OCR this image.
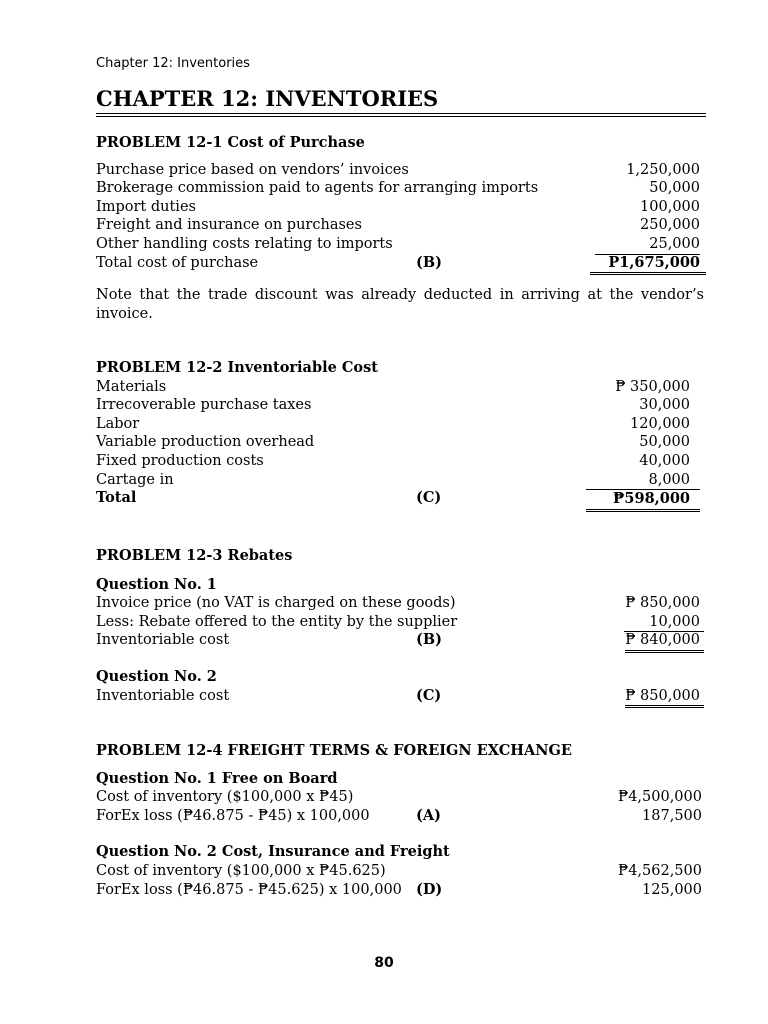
Chapter 12: Inventories
CHAPTER 12: INVENTORIES
PROBLEM 12-1 Cost of Purchase
Purchase price based on vendors’ invoices	1,250,000
Brokerage commission paid to agents for arranging imports	50,000
Import duties	100,000
Freight and insurance on purchases	250,000
Other handling costs relating to imports	25,000
Total cost of purchase	(B)	P1,675,000

Note that the trade discount was already deducted in arriving at the vendor’s invoice.

PROBLEM 12-2 Inventoriable Cost
Materials	₱ 350,000
Irrecoverable purchase taxes	30,000
Labor	120,000
Variable production overhead	50,000
Fixed production costs	40,000
Cartage in	8,000
Total	(C)	₱598,000
PROBLEM 12-3 Rebates
Question No. 1
Invoice price (no VAT is charged on these goods)	₱ 850,000
Less: Rebate offered to the entity by the supplier	10,000
Inventoriable cost	(B)	₱ 840,000
Question No. 2
Inventoriable cost	(C)	₱ 850,000
PROBLEM 12-4 FREIGHT TERMS & FOREIGN EXCHANGE
Question No. 1 Free on Board
Cost of inventory ($100,000 x ₱45)	₱4,500,000
ForEx loss (₱46.875 - ₱45) x 100,000	(A)	187,500
Question No. 2 Cost, Insurance and Freight
Cost of inventory ($100,000 x ₱45.625)	₱4,562,500
ForEx loss (₱46.875 - ₱45.625) x 100,000 (D)	125,000
80
